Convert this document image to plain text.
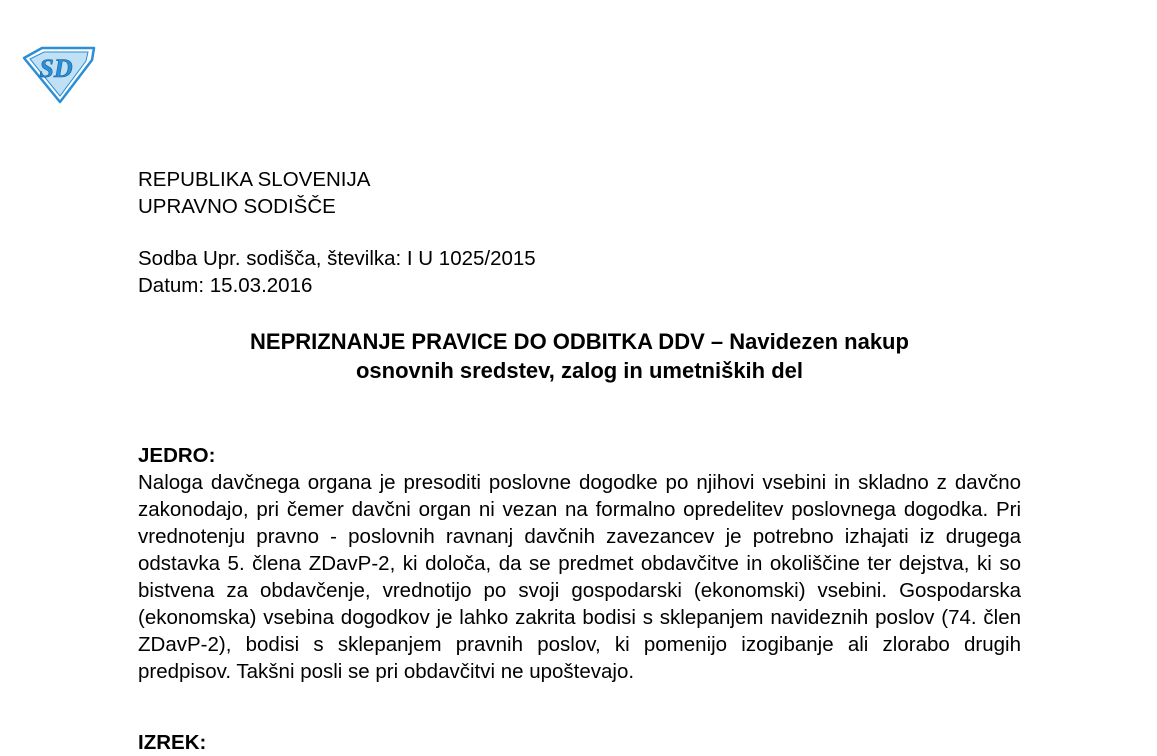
SD
REPUBLIKA SLOVENIJA
UPRAVNO SODIŠČE
Sodba Upr. sodišča, številka: I U 1025/2015
Datum: 15.03.2016
NEPRIZNANJE PRAVICE DO ODBITKA DDV – Navidezen nakup
osnovnih sredstev, zalog in umetniških del
JEDRO:
Naloga davčnega organa je presoditi poslovne dogodke po njihovi vsebini in skladno z davčno zakonodajo, pri čemer davčni organ ni vezan na formalno opredelitev poslovnega dogodka. Pri vrednotenju pravno - poslovnih ravnanj davčnih zavezancev je potrebno izhajati iz drugega odstavka 5. člena ZDavP-2, ki določa, da se predmet obdavčitve in okoliščine ter dejstva, ki so bistvena za obdavčenje, vrednotijo po svoji gospodarski (ekonomski) vsebini. Gospodarska (ekonomska) vsebina dogodkov je lahko zakrita bodisi s sklepanjem navideznih poslov (74. člen ZDavP-2), bodisi s sklepanjem pravnih poslov, ki pomenijo izogibanje ali zlorabo drugih predpisov. Takšni posli se pri obdavčitvi ne upoštevajo.
IZREK:
